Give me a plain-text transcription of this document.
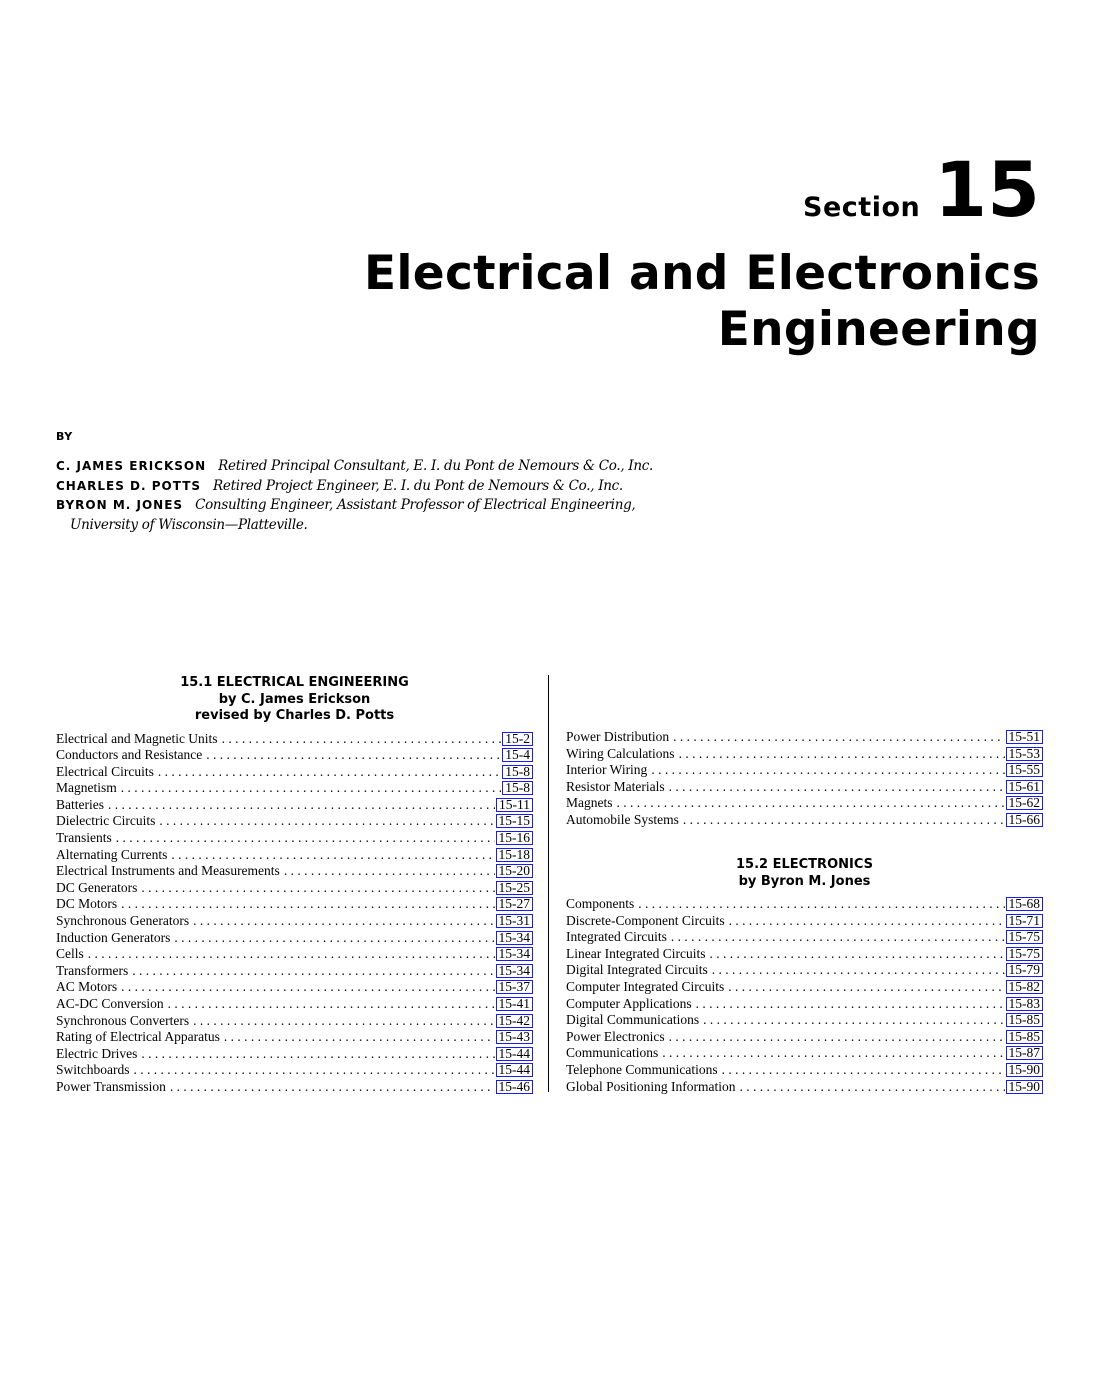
Section 15
Electrical and Electronics
Engineering
BY
C. JAMES ERICKSON Retired Principal Consultant, E. I. du Pont de Nemours & Co., Inc.
CHARLES D. POTTS Retired Project Engineer, E. I. du Pont de Nemours & Co., Inc.
BYRON M. JONES Consulting Engineer, Assistant Professor of Electrical Engineering,
University of Wisconsin—Platteville.
15.1 ELECTRICAL ENGINEERING
by C. James Erickson
revised by Charles D. Potts
Electrical and Magnetic Units . . .	15-2
Conductors and Resistance . . .	15-4
Electrical Circuits . . .	15-8
Magnetism . . .	15-8
Batteries . . .	15-11
Dielectric Circuits . . .	15-15
Transients . . .	15-16
Alternating Currents . . .	15-18
Electrical Instruments and Measurements . . .	15-20
DC Generators . . .	15-25
DC Motors . . .	15-27
Synchronous Generators . . .	15-31
Induction Generators . . .	15-34
Cells . . .	15-34
Transformers . . .	15-34
AC Motors . . .	15-37
AC-DC Conversion . . .	15-41
Synchronous Converters . . .	15-42
Rating of Electrical Apparatus . . .	15-43
Electric Drives . . .	15-44
Switchboards . . .	15-44
Power Transmission . . .	15-46
Power Distribution . . .	15-51
Wiring Calculations . . .	15-53
Interior Wiring . . .	15-55
Resistor Materials . . .	15-61
Magnets . . .	15-62
Automobile Systems . . .	15-66
15.2 ELECTRONICS
by Byron M. Jones
Components . . .	15-68
Discrete-Component Circuits . . .	15-71
Integrated Circuits . . .	15-75
Linear Integrated Circuits . . .	15-75
Digital Integrated Circuits . . .	15-79
Computer Integrated Circuits . . .	15-82
Computer Applications . . .	15-83
Digital Communications . . .	15-85
Power Electronics . . .	15-85
Communications . . .	15-87
Telephone Communications . . .	15-90
Global Positioning Information . . .	15-90
